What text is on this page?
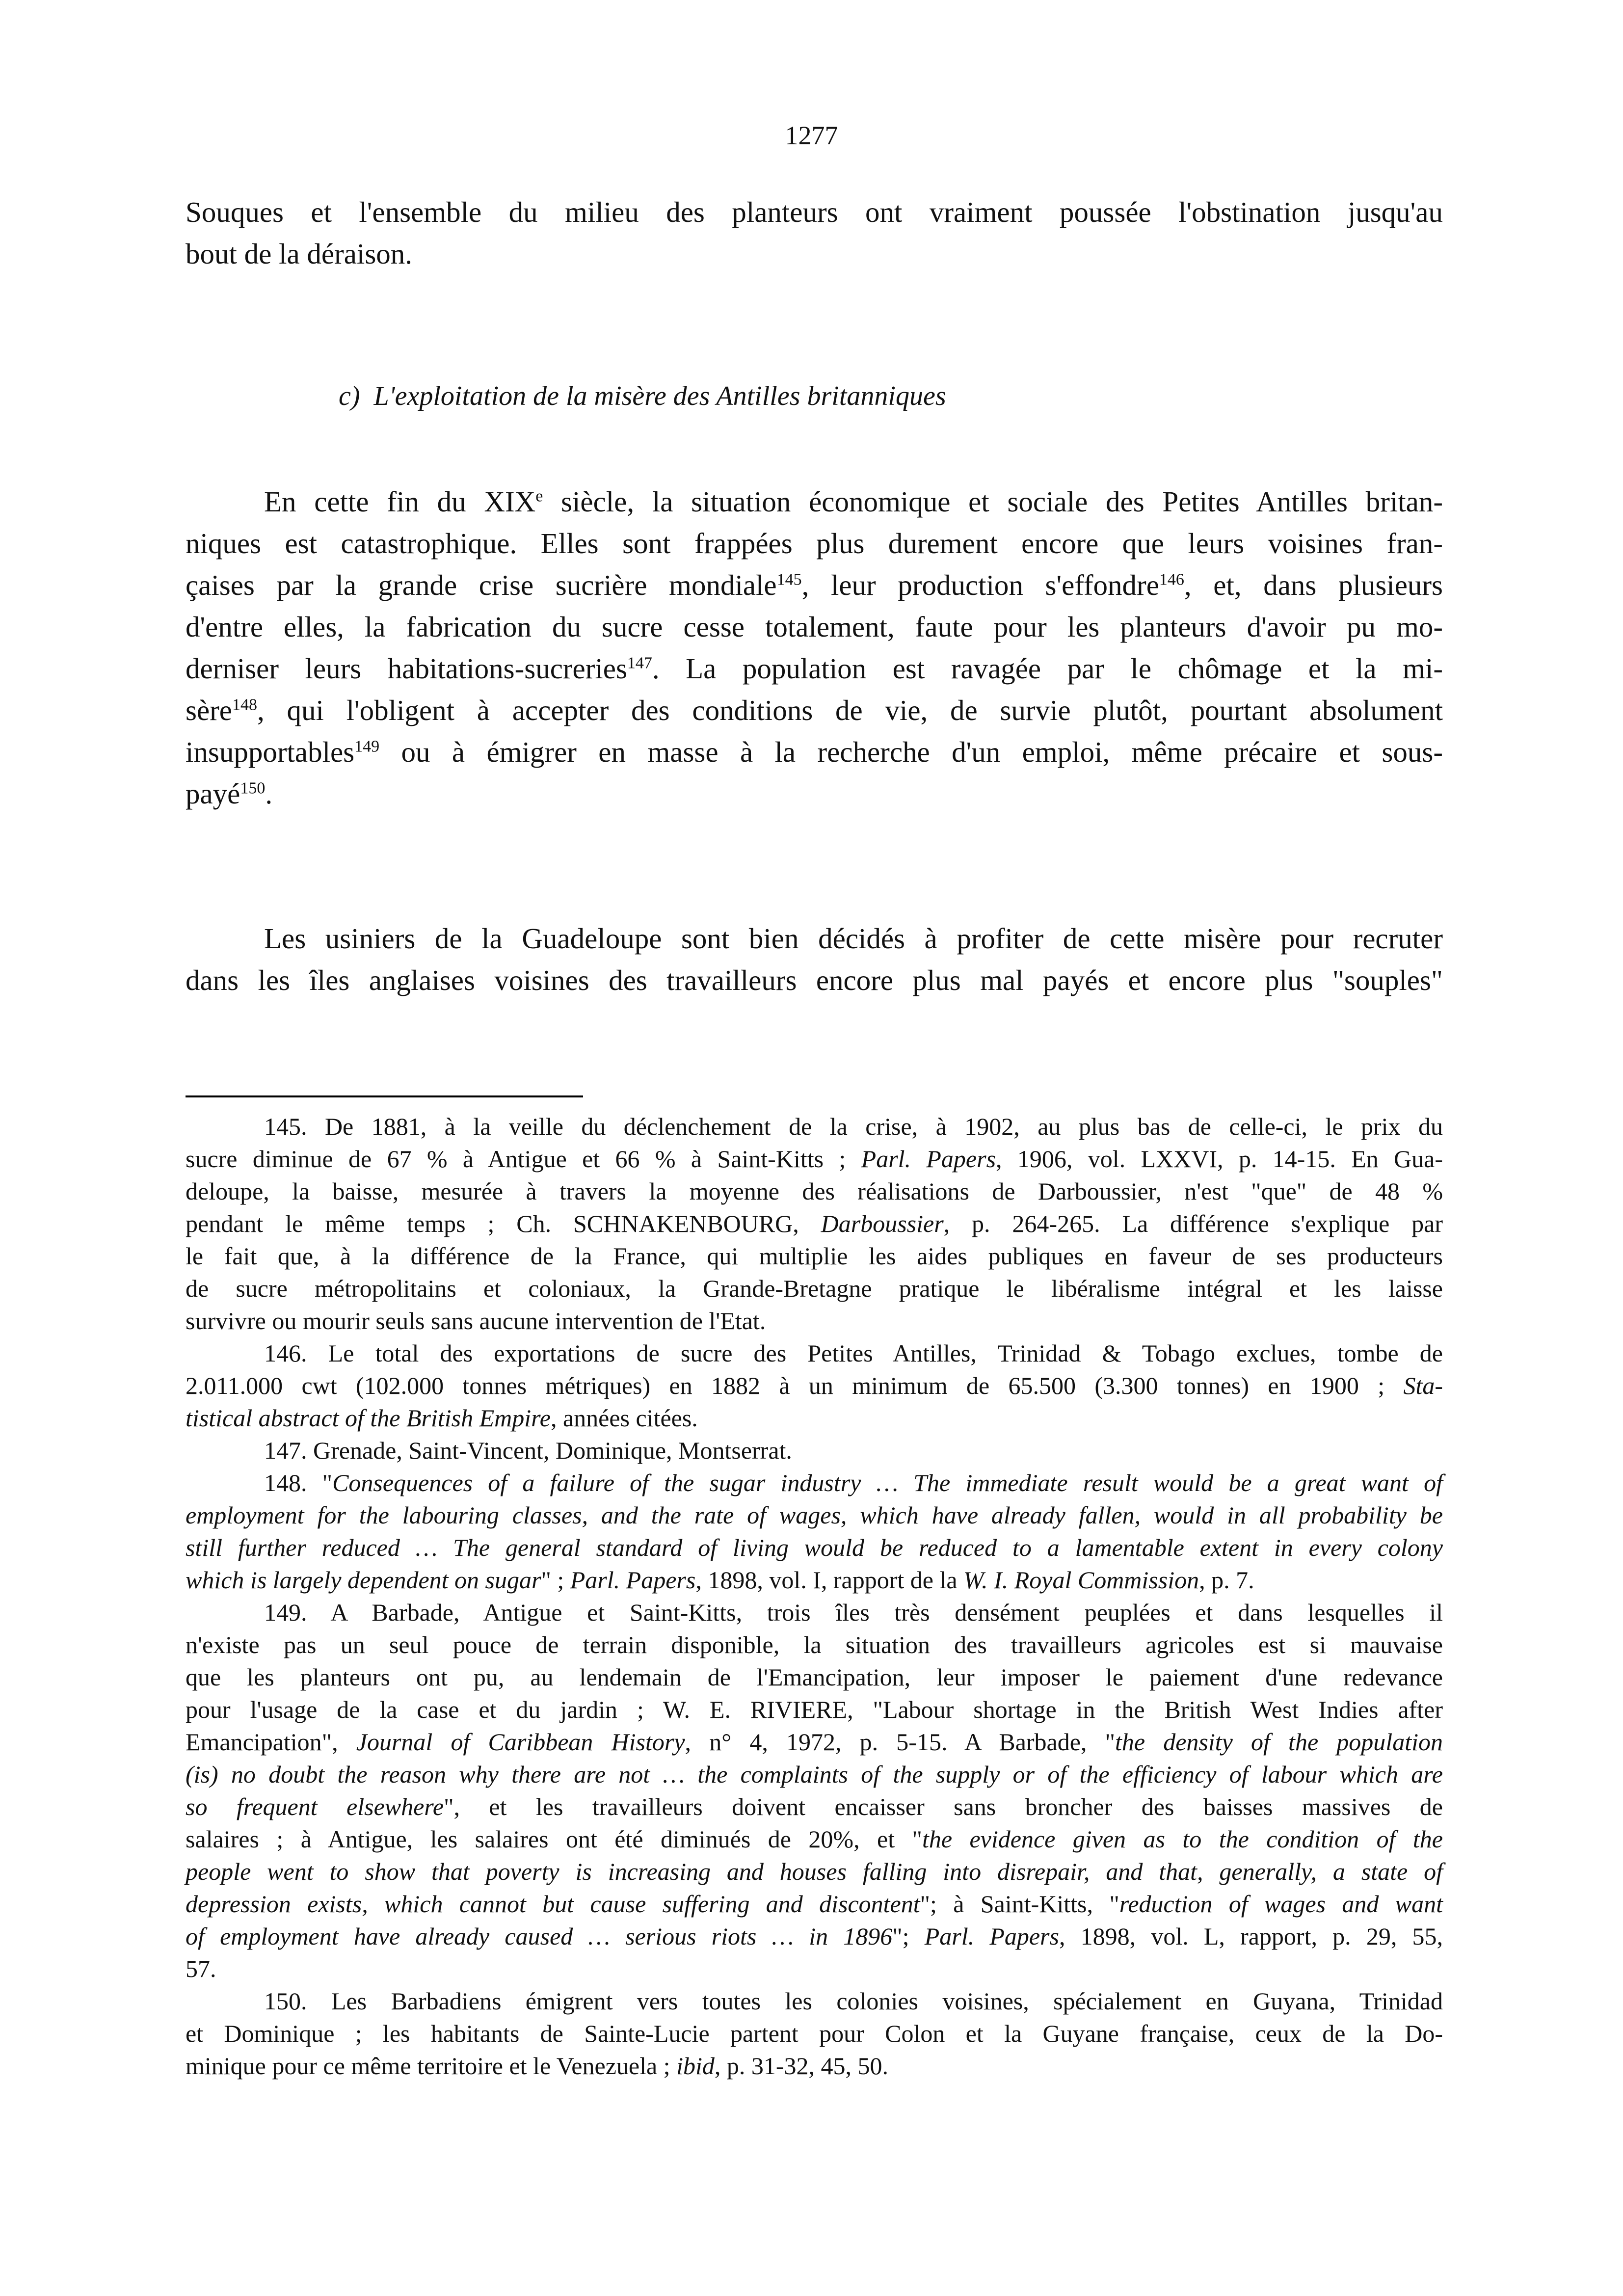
1277
Souques et l'ensemble du milieu des planteurs ont vraiment poussée l'obstination jusqu'au
bout de la déraison.
c) L'exploitation de la misère des Antilles britanniques
En cette fin du XIXe siècle, la situation économique et sociale des Petites Antilles britan-
niques est catastrophique. Elles sont frappées plus durement encore que leurs voisines fran-
çaises par la grande crise sucrière mondiale$^{145}$, leur production s'effondre$^{146}$, et, dans plusieurs
d'entre elles, la fabrication du sucre cesse totalement, faute pour les planteurs d'avoir pu mo-
derniser leurs habitations-sucreries$^{147}$. La population est ravagée par le chômage et la mi-
sère$^{148}$, qui l'obligent à accepter des conditions de vie, de survie plutôt, pourtant absolument
insupportables$^{149}$ ou à émigrer en masse à la recherche d'un emploi, même précaire et sous-
payé$^{150}$.
Les usiniers de la Guadeloupe sont bien décidés à profiter de cette misère pour recruter
dans les îles anglaises voisines des travailleurs encore plus mal payés et encore plus "souples"
145. De 1881, à la veille du déclenchement de la crise, à 1902, au plus bas de celle-ci, le prix du
sucre diminue de 67 % à Antigue et 66 % à Saint-Kitts ; Parl. Papers, 1906, vol. LXXVI, p. 14-15. En Gua-
deloupe, la baisse, mesurée à travers la moyenne des réalisations de Darboussier, n'est "que" de 48 %
pendant le même temps ; Ch. SCHNAKENBOURG, Darboussier, p. 264-265. La différence s'explique par
le fait que, à la différence de la France, qui multiplie les aides publiques en faveur de ses producteurs
de sucre métropolitains et coloniaux, la Grande-Bretagne pratique le libéralisme intégral et les laisse
survivre ou mourir seuls sans aucune intervention de l'Etat.
146. Le total des exportations de sucre des Petites Antilles, Trinidad & Tobago exclues, tombe de
2.011.000 cwt (102.000 tonnes métriques) en 1882 à un minimum de 65.500 (3.300 tonnes) en 1900 ; Sta-
tistical abstract of the British Empire, années citées.
147. Grenade, Saint-Vincent, Dominique, Montserrat.
148. "Consequences of a failure of the sugar industry … The immediate result would be a great want of
employment for the labouring classes, and the rate of wages, which have already fallen, would in all probability be
still further reduced … The general standard of living would be reduced to a lamentable extent in every colony
which is largely dependent on sugar" ; Parl. Papers, 1898, vol. I, rapport de la W. I. Royal Commission, p. 7.
149. A Barbade, Antigue et Saint-Kitts, trois îles très densément peuplées et dans lesquelles il
n'existe pas un seul pouce de terrain disponible, la situation des travailleurs agricoles est si mauvaise
que les planteurs ont pu, au lendemain de l'Emancipation, leur imposer le paiement d'une redevance
pour l'usage de la case et du jardin ; W. E. RIVIERE, "Labour shortage in the British West Indies after
Emancipation", Journal of Caribbean History, n° 4, 1972, p. 5-15. A Barbade, "the density of the population
(is) no doubt the reason why there are not … the complaints of the supply or of the efficiency of labour which are
so frequent elsewhere", et les travailleurs doivent encaisser sans broncher des baisses massives de
salaires ; à Antigue, les salaires ont été diminués de 20%, et "the evidence given as to the condition of the
people went to show that poverty is increasing and houses falling into disrepair, and that, generally, a state of
depression exists, which cannot but cause suffering and discontent"; à Saint-Kitts, "reduction of wages and want
of employment have already caused … serious riots … in 1896"; Parl. Papers, 1898, vol. L, rapport, p. 29, 55,
57.
150. Les Barbadiens émigrent vers toutes les colonies voisines, spécialement en Guyana, Trinidad
et Dominique ; les habitants de Sainte-Lucie partent pour Colon et la Guyane française, ceux de la Do-
minique pour ce même territoire et le Venezuela ; ibid, p. 31-32, 45, 50.
